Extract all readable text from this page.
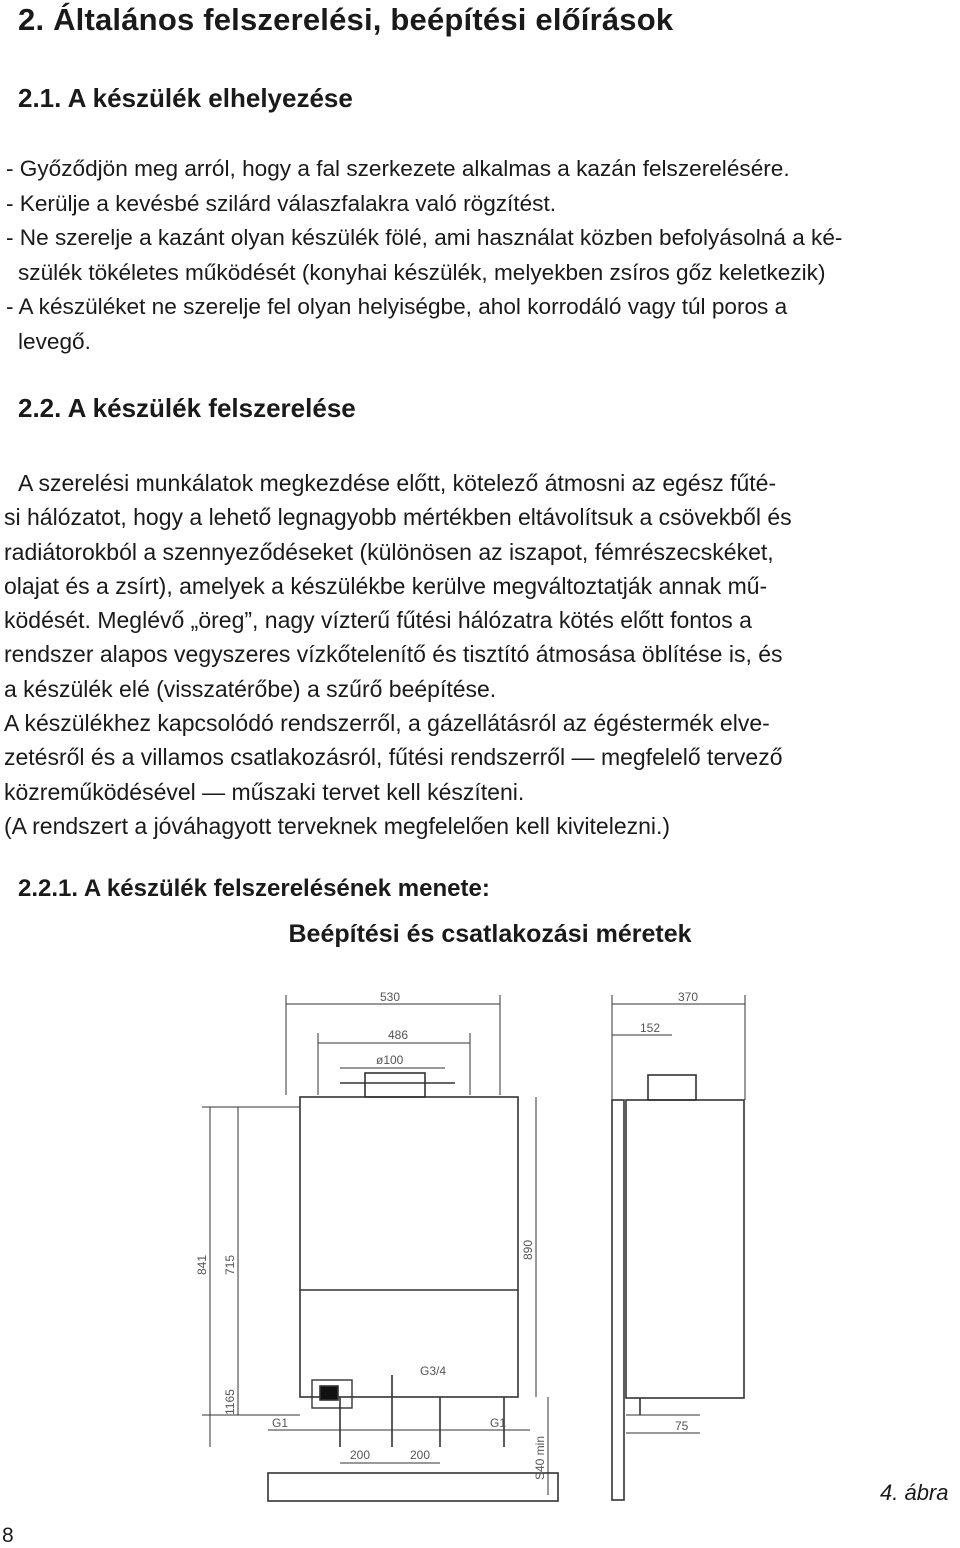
2. Általános felszerelési, beépítési előírások
2.1. A készülék elhelyezése
- Győződjön meg arról, hogy a fal szerkezete alkalmas a kazán felszerelésére.
- Kerülje a kevésbé szilárd válaszfalakra való rögzítést.
- Ne szerelje a kazánt olyan készülék fölé, ami használat közben befolyásolná a ké-
szülék tökéletes működését (konyhai készülék, melyekben zsíros gőz keletkezik)
- A készüléket ne szerelje fel olyan helyiségbe, ahol korrodáló vagy túl poros a
levegő.
2.2. A készülék felszerelése
A szerelési munkálatok megkezdése előtt, kötelező átmosni az egész fűté-
si hálózatot, hogy a lehető legnagyobb mértékben eltávolítsuk a csövekből és
radiátorokból a szennyeződéseket (különösen az iszapot, fémrészecskéket,
olajat és a zsírt), amelyek a készülékbe kerülve megváltoztatják annak mű-
ködését. Meglévő „öreg”, nagy vízterű fűtési hálózatra kötés előtt fontos a
rendszer alapos vegyszeres vízkőtelenítő és tisztító átmosása öblítése is, és
a készülék elé (visszatérőbe) a szűrő beépítése.
A készülékhez kapcsolódó rendszerről, a gázellátásról az égéstermék elve-
zetésről és a villamos csatlakozásról, fűtési rendszerről — megfelelő tervező
közreműködésével — műszaki tervet kell készíteni.
(A rendszert a jóváhagyott terveknek megfelelően kell kivitelezni.)
2.2.1. A készülék felszerelésének menete:
Beépítési és csatlakozási méretek
530
486
ø100
841 715
890
1165
G3/4
G1	G1
200	200
370
152
75
S40 min
4. ábra
8
